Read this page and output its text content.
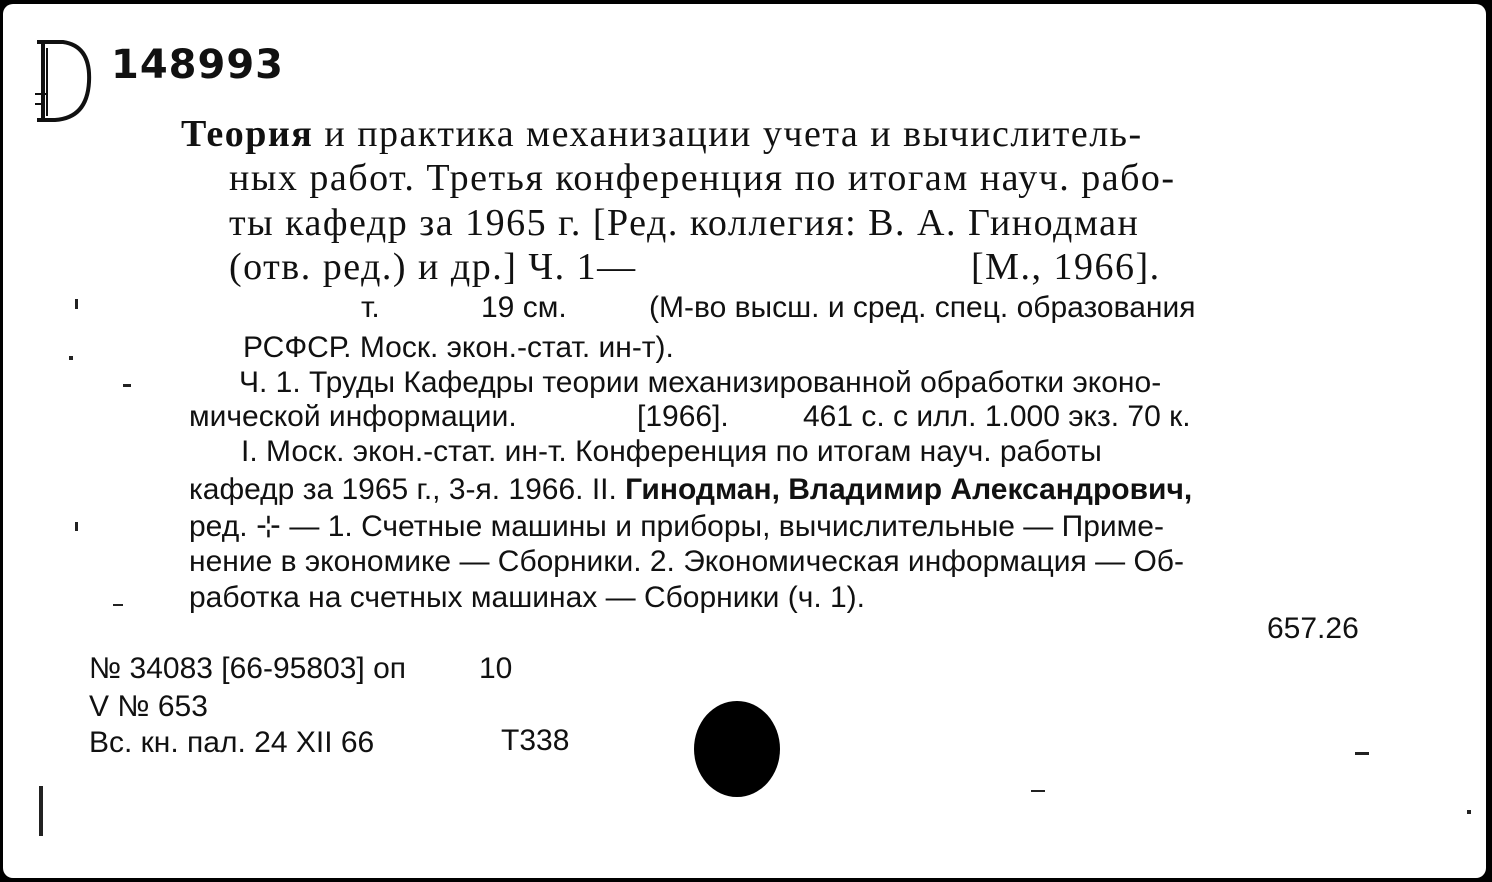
148993
Теория и практика механизации учета и вычислитель-
ных работ. Третья конференция по итогам науч. рабо-
ты кафедр за 1965 г. [Ред. коллегия: В. А. Гинодман
(отв. ред.) и др.] Ч. 1—	[М., 1966].
т.	19 см.	(М-во высш. и сред. спец. образования
РСФСР. Моск. экон.-стат. ин-т).
Ч. 1. Труды Кафедры теории механизированной обработки эконо-
мической информации.	[1966]. 461 с. с илл. 1.000 экз. 70 к.
I. Моск. экон.-стат. ин-т. Конференция по итогам науч. работы
кафедр за 1965 г., 3-я. 1966. II. Гинодман, Владимир Александрович,
ред. ⊹ — 1. Счетные машины и приборы, вычислительные — Приме-
нение в экономике — Сборники. 2. Экономическая информация — Об-
работка на счетных машинах — Сборники (ч. 1).
657.26
№ 34083 [66-95803] оп 10
V № 653
Вс. кн. пал. 24 XII 66	Т338
